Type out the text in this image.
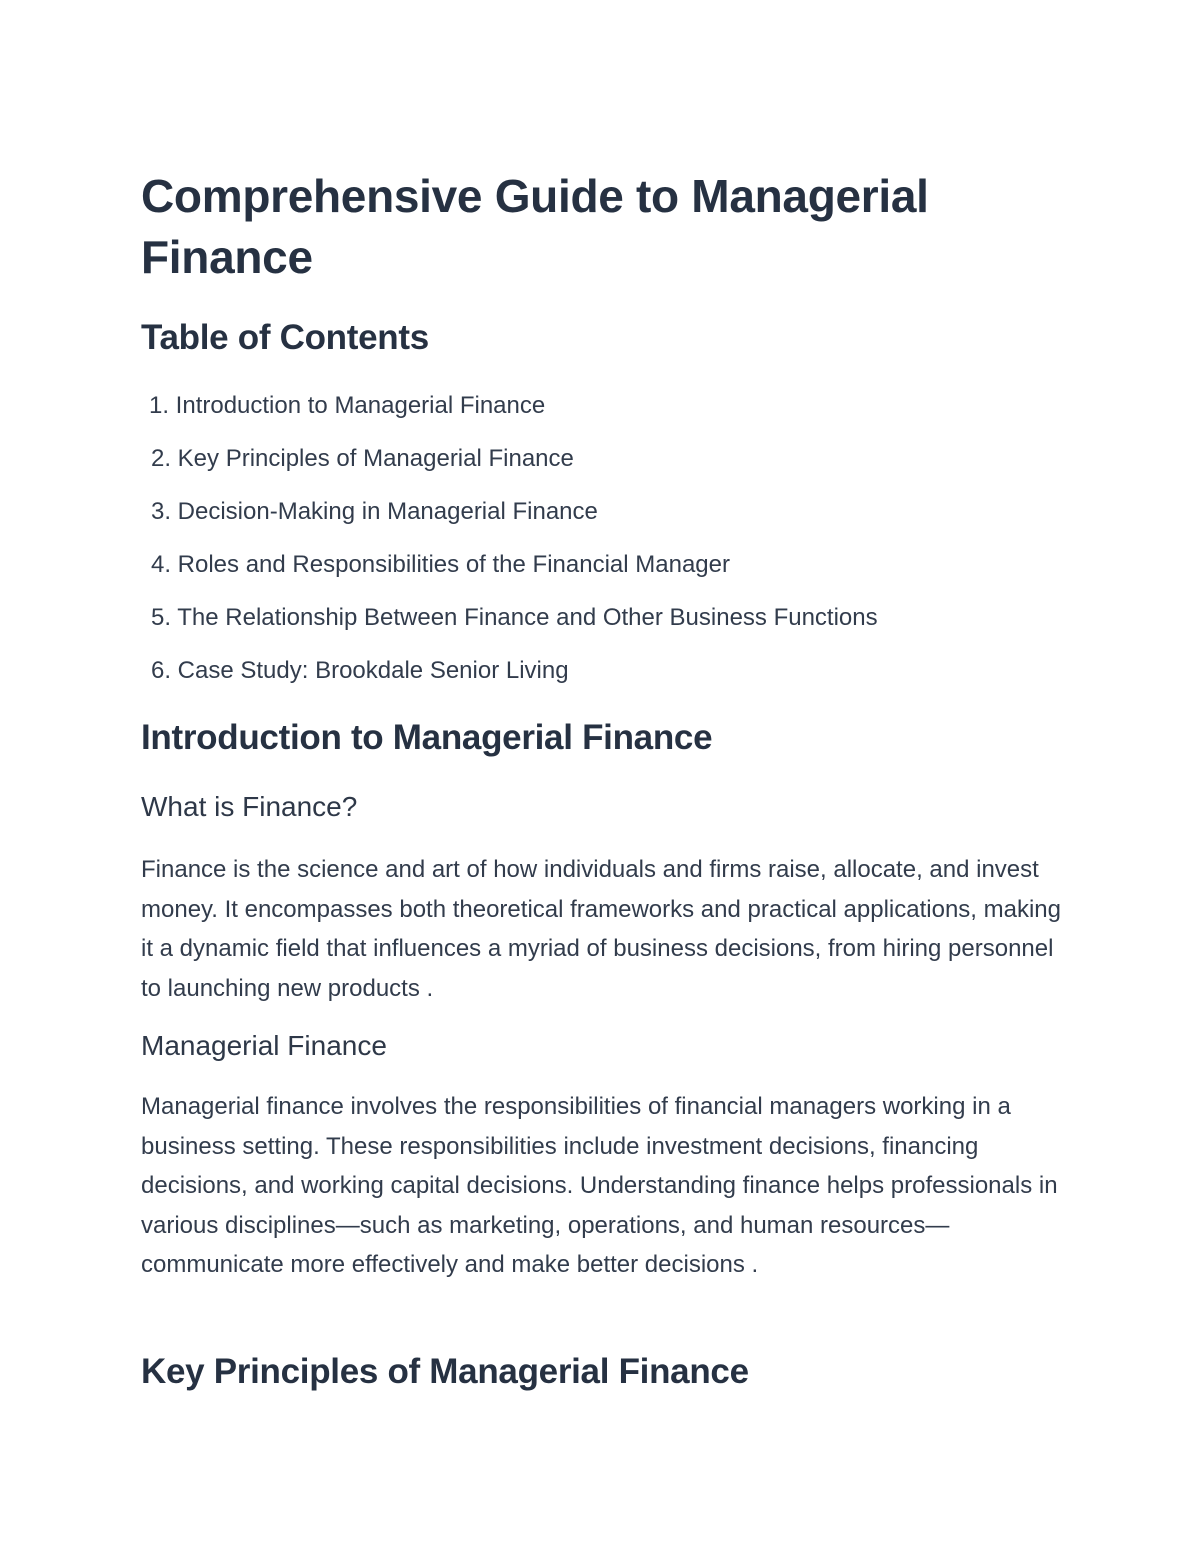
Comprehensive Guide to Managerial Finance
Table of Contents
1. Introduction to Managerial Finance
2. Key Principles of Managerial Finance
3. Decision-Making in Managerial Finance
4. Roles and Responsibilities of the Financial Manager
5. The Relationship Between Finance and Other Business Functions
6. Case Study: Brookdale Senior Living
Introduction to Managerial Finance
What is Finance?

Finance is the science and art of how individuals and firms raise, allocate, and invest money. It encompasses both theoretical frameworks and practical applications, making it a dynamic field that influences a myriad of business decisions, from hiring personnel to launching new products .

Managerial Finance

Managerial finance involves the responsibilities of financial managers working in a business setting. These responsibilities include investment decisions, financing decisions, and working capital decisions. Understanding finance helps professionals in various disciplines—such as marketing, operations, and human resources—communicate more effectively and make better decisions .

Key Principles of Managerial Finance
